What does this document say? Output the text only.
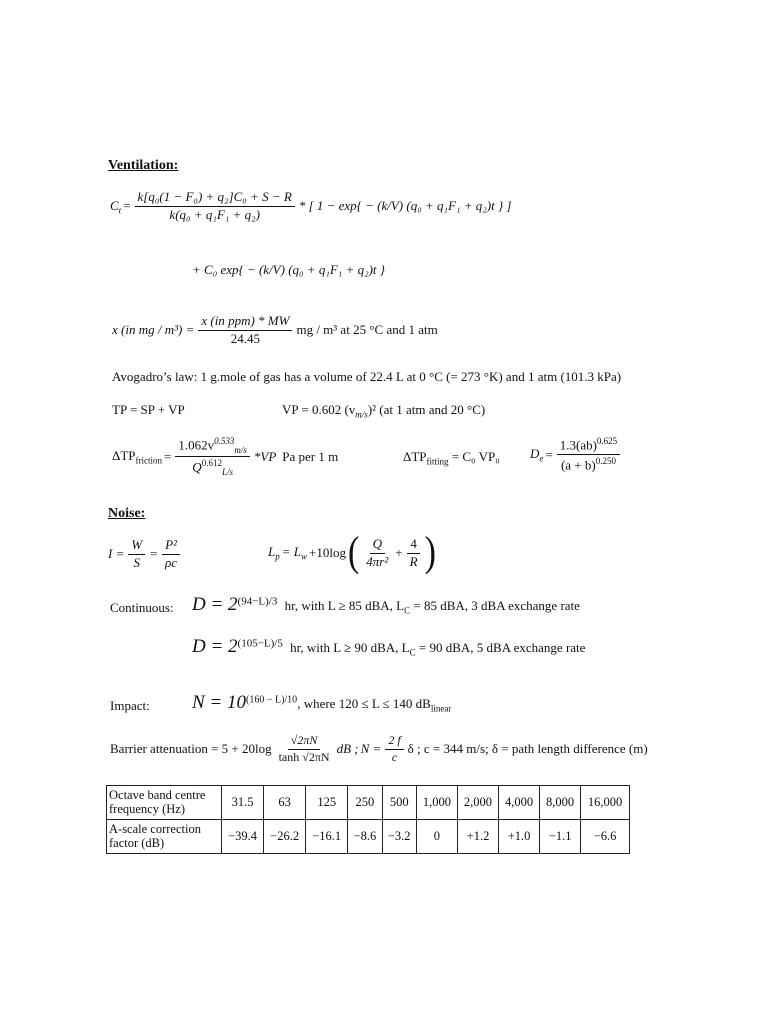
Ventilation:
$C_t = \frac{\text{k[q₀(1 − F₀) + q₂]C₀ + S − R}}{\text{k(q₀ + q₁F₁ + q₂)}}$ * [ 1 − exp{ − (k/V) (q₀ + q₁F₁ + q₂)t } ]
+ C₀ exp{ − (k/V) (q₀ + q₁F₁ + q₂)t }
x (in mg / $m^3) = \frac{\text{x (in ppm) * MW}}{24.45}$ mg / m³ at 25 °C and 1 atm
Avogadro’s law: 1 g.mole of gas has a volume of 22.4 L at 0 °C (= 273 °K) and 1 atm (101.3 kPa)
TP = SP + VP	VP = 0.602 $(v_{m/s})^2$ (at 1 atm and 20 °C)
$\Delta TP_{friction} = \frac{1.062v^{0.533}_{m/s}}{Q^{0.612}_{L/s}} *VP$ Pa per 1 m	$\Delta TP_{fitting} = C_0$ VP₀ $D_e = \frac{1.3(ab)^{0.625}}{(a + b)^{0.250}}$
Noise:
$I = \frac{W}{S} = \frac{\text{P²}}{\rho c}$	$L_p = L_w +10\log$ ( $\frac{Q}{\text{4πr²}} + \frac{4}{R}$ )
Continuous: $D = 2^{(94-L)/3}$ hr, with L ≥ 85 dBA, $L_C = 85$ dBA, 3 dBA exchange rate
$D = 2^{(105-L)/5}$ hr, with L ≥ 90 dBA, $L_C = 90$ dBA, 5 dBA exchange rate
Impact: $N = 10^{(160 - L)/10}$, where 120 ≤ L ≤ 140 $dB_{linear}$
Barrier attenuation = $5 + 20\log \frac{√2\pi N}{\tanh √2\pi N}$ dB ; $N = \frac{2 f}{c}$ δ ; c = 344 m/s; δ = path length difference (m)
Octave band centre frequency (Hz)	31.5	63	125	250	500	1,000	2,000	4,000	8,000	16,000
A-scale correction factor (dB)	−39.4	−26.2	−16.1	−8.6	−3.2	0	+1.2	+1.0	−1.1	−6.6
